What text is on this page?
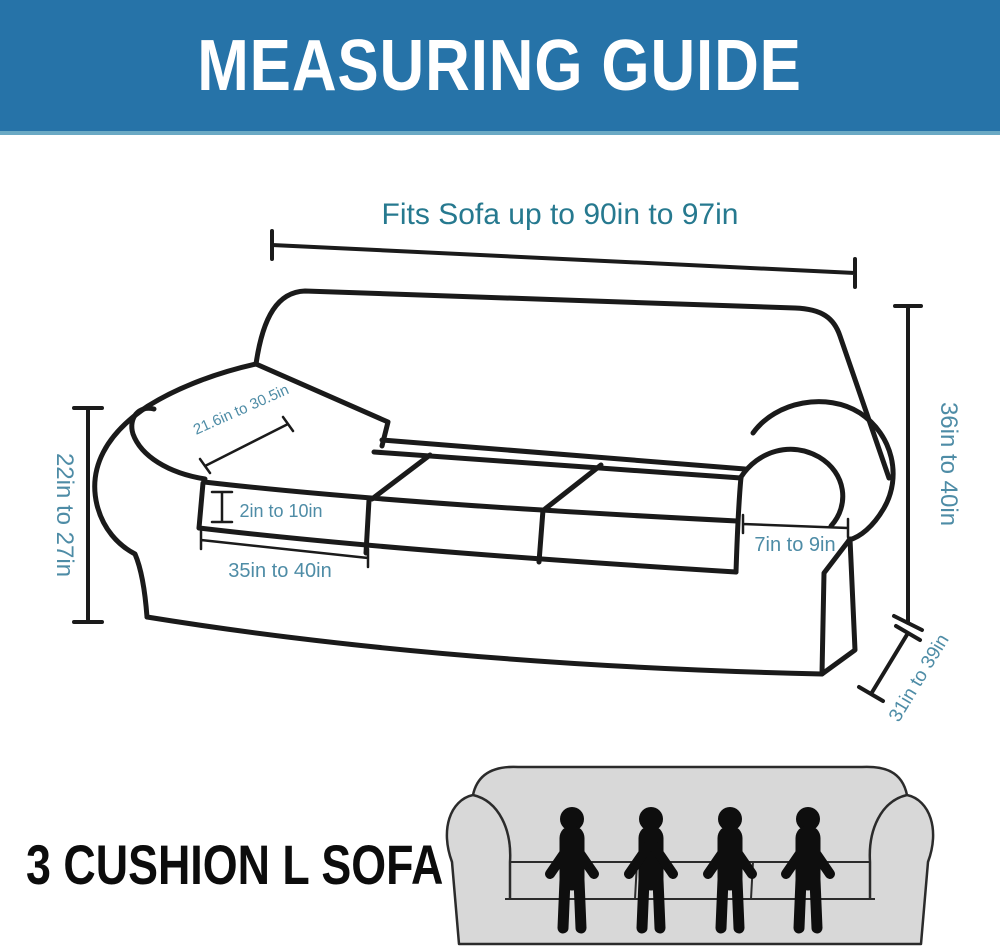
MEASURING GUIDE
Fits Sofa up to 90in to 97in
22in to 27in	36in to 40in
21.6in to 30.5in
2in to 10in
35in to 40in
7in to 9in
31in to 39in
3 CUSHION L SOFA
